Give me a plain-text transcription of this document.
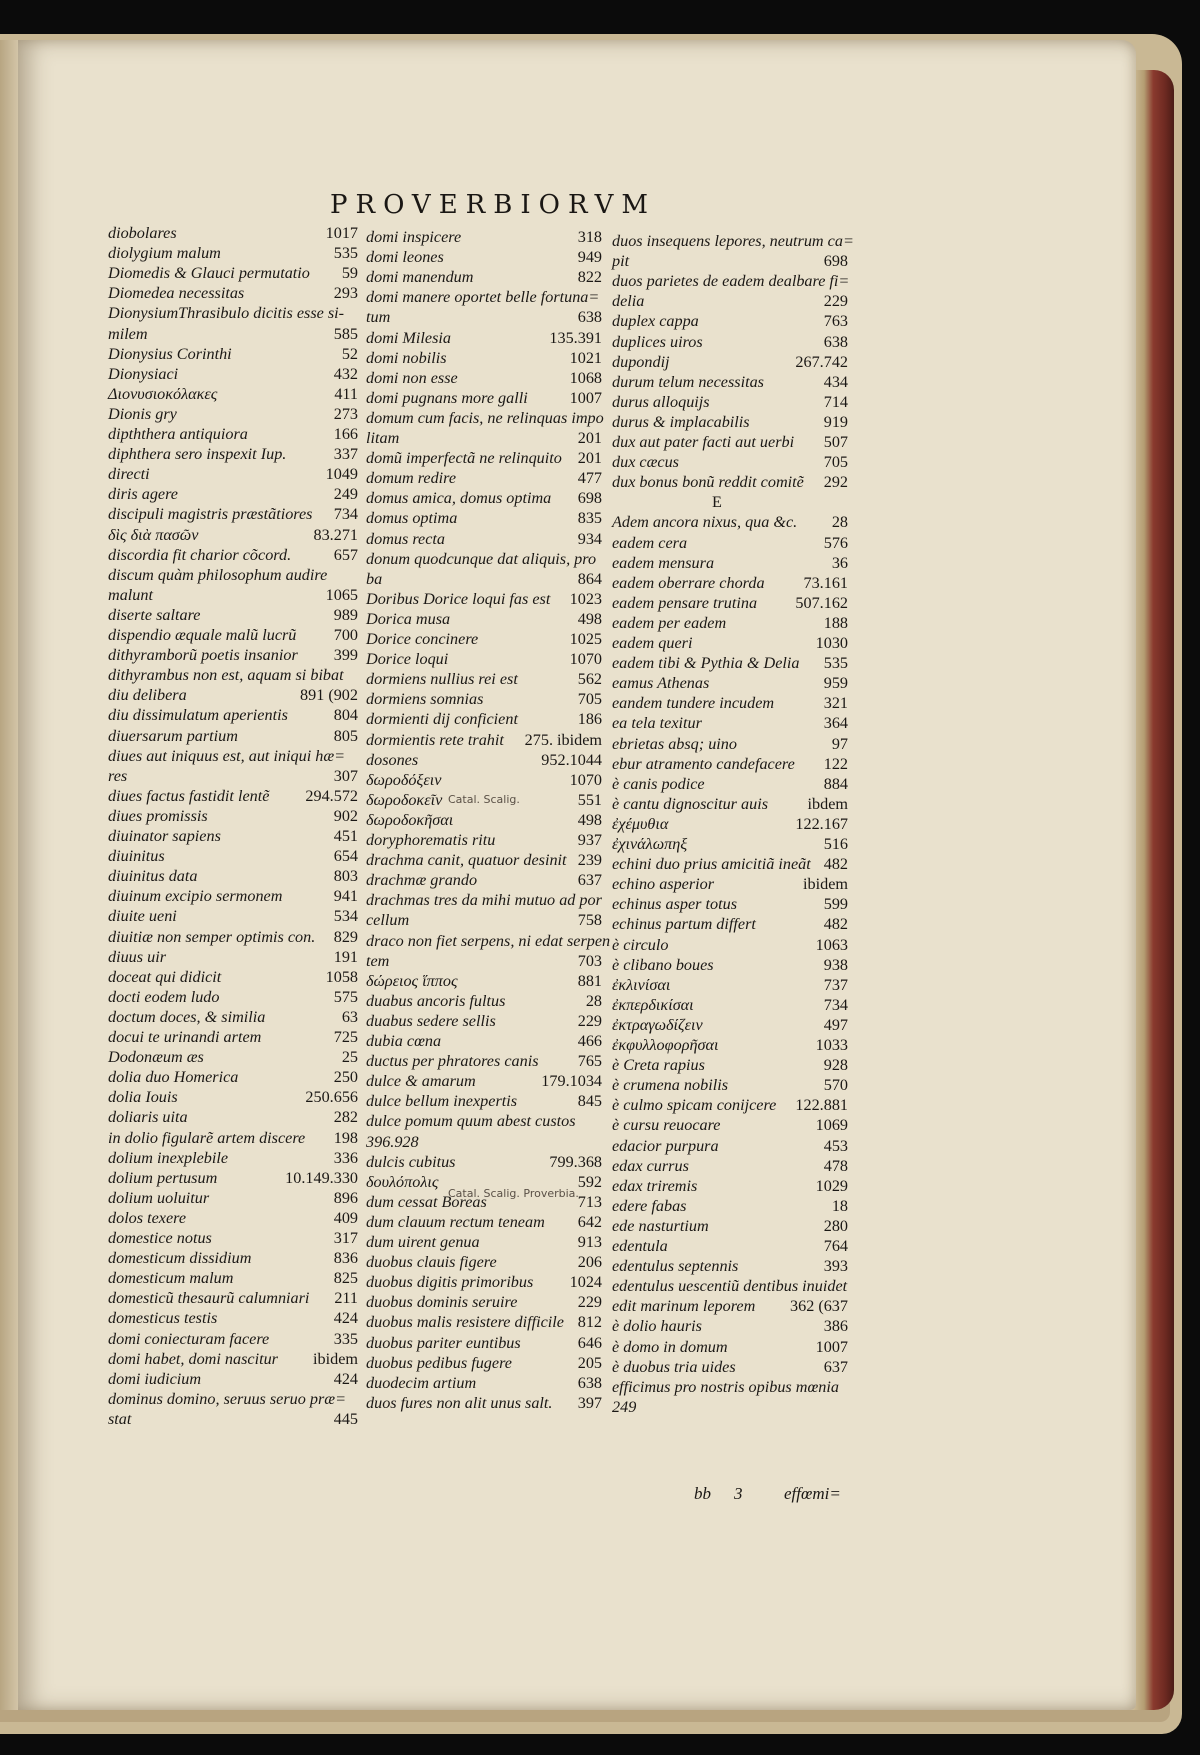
PROVERBIORVM
diobolares	1017
diolygium malum	535
Diomedis & Glauci permutatio 59
Diomedea necessitas	293
DionysiumThrasibulo dicitis esse si-
milem	585
Dionysius Corinthi	52
Dionysiaci	432
Διονυσιοκόλακες	411
Dionis gry	273
dipththera antiquiora	166
diphthera sero inspexit Iup.	337
directi	1049
diris agere	249
discipuli magistris præstãtiores 734
δὶς διὰ πασῶν	83.271
discordia fit charior cõcord.	657
discum quàm philosophum audire
malunt	1065
diserte saltare	989
dispendio æquale malũ lucrũ 700
dithyramborũ poetis insanior 399
dithyrambus non est, aquam si bibat
diu delibera	891 (902
diu dissimulatum aperientis	804
diuersarum partium	805
diues aut iniquus est, aut iniqui hæ=
res	307
diues factus fastidit lentẽ 294.572
diues promissis	902
diuinator sapiens	451
diuinitus	654
diuinitus data	803
diuinum excipio sermonem	941
diuite ueni	534
diuitiæ non semper optimis con. 829
diuus uir	191
doceat qui didicit	1058
docti eodem ludo	575
doctum doces, & similia	63
docui te urinandi artem	725
Dodonæum æs	25
dolia duo Homerica	250
dolia Iouis	250.656
doliaris uita	282
in dolio figularẽ artem discere 198
dolium inexplebile	336
dolium pertusum	10.149.330
dolium uoluitur	896
dolos texere	409
domestice notus	317
domesticum dissidium	836
domesticum malum	825
domesticũ thesaurũ calumniari 211
domesticus testis	424
domi coniecturam facere	335
domi habet, domi nascitur ibidem
domi iudicium	424
dominus domino, seruus seruo præ=
stat	445
domi inspicere	318
domi leones	949
domi manendum	822
domi manere oportet belle fortuna=
tum	638
domi Milesia	135.391
domi nobilis	1021
domi non esse	1068
domi pugnans more galli	1007
domum cum facis, ne relinquas impo
litam	201
domũ imperfectã ne relinquito 201
domum redire	477
domus amica, domus optima 698
domus optima	835
domus recta	934
donum quodcunque dat aliquis, pro
ba	864
Doribus Dorice loqui fas est 1023
Dorica musa	498
Dorice concinere	1025
Dorice loqui	1070
dormiens nullius rei est	562
dormiens somnias	705
dormienti dij conficient	186
dormientis rete trahit 275. ibidem
dosones	952.1044
δωροδόξειν	1070
δωροδοκεῖν	551
δωροδοκῆσαι	498
doryphorematis ritu	937
drachma canit, quatuor desinit 239
drachmæ grando	637
drachmas tres da mihi mutuo ad por
cellum	758
draco non fiet serpens, ni edat serpen
tem	703
δώρειος ἵππος	881
duabus ancoris fultus	28
duabus sedere sellis	229
dubia cœna	466
ductus per phratores canis 765
dulce & amarum	179.1034
dulce bellum inexpertis	845
dulce pomum quum abest custos
396.928
dulcis cubitus	799.368
δουλόπολις	592
dum cessat Boreas	713
dum clauum rectum teneam 642
dum uirent genua	913
duobus clauis figere	206
duobus digitis primoribus 1024
duobus dominis seruire	229
duobus malis resistere difficile 812
duobus pariter euntibus	646
duobus pedibus fugere	205
duodecim artium	638
duos fures non alit unus salt. 397
duos insequens lepores, neutrum ca=
pit	698
duos parietes de eadem dealbare fi=
delia	229
duplex cappa	763
duplices uiros	638
dupondij	267.742
durum telum necessitas	434
durus alloquijs	714
durus & implacabilis	919
dux aut pater facti aut uerbi 507
dux cæcus	705
dux bonus bonũ reddit comitẽ 292
E
Adem ancora nixus, qua &c. 28
eadem cera	576
eadem mensura	36
eadem oberrare chorda 73.161
eadem pensare trutina 507.162
eadem per eadem	188
eadem queri	1030
eadem tibi & Pythia & Delia 535
eamus Athenas	959
eandem tundere incudem	321
ea tela texitur	364
ebrietas absq; uino	97
ebur atramento candefacere 122
è canis podice	884
è cantu dignoscitur auis ibdem
ἐχέμυθια	122.167
ἐχινάλωπηξ	516
echini duo prius amicitiã ineãt 482
echino asperior	ibidem
echinus asper totus	599
echinus partum differt	482
è circulo	1063
è clibano boues	938
ἐκλινίσαι	737
ἐκπερδικίσαι	734
ἐκτραγωδίζειν	497
ἐκφυλλοφορῆσαι	1033
è Creta rapius	928
è crumena nobilis	570
è culmo spicam conijcere 122.881
è cursu reuocare	1069
edacior purpura	453
edax currus	478
edax triremis	1029
edere fabas	18
ede nasturtium	280
edentula	764
edentulus septennis	393
edentulus uescentiũ dentibus inuidet
edit marinum leporem 362 (637
è dolio hauris	386
è domo in domum	1007
è duobus tria uides	637
efficimus pro nostris opibus mœnia
249
Catal. Scalig.
Catal. Scalig. Proverbia.
bb 3 effœmi=
